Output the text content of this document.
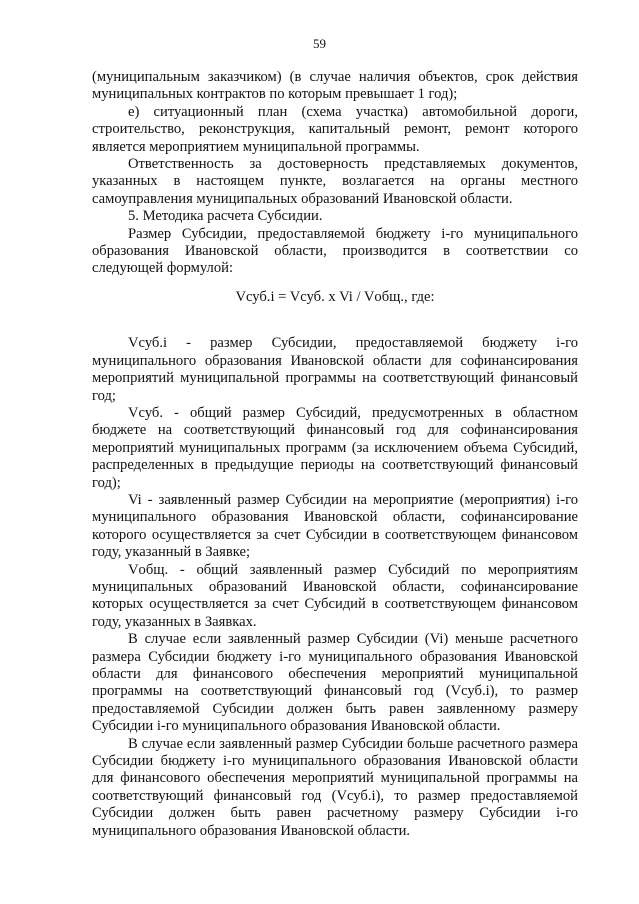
59

(муниципальным заказчиком) (в случае наличия объектов, срок действия муниципальных контрактов по которым превышает 1 год);

е) ситуационный план (схема участка) автомобильной дороги, строительство, реконструкция, капитальный ремонт, ремонт которого является мероприятием муниципальной программы.

Ответственность за достоверность представляемых документов, указанных в настоящем пункте, возлагается на органы местного самоуправления муниципальных образований Ивановской области.

5. Методика расчета Субсидии.

Размер Субсидии, предоставляемой бюджету i-го муниципального образования Ивановской области, производится в соответствии со следующей формулой:

Vсуб.i = Vсуб. x Vi / Vобщ., где:

Vсуб.i - размер Субсидии, предоставляемой бюджету i-го муниципального образования Ивановской области для софинансирования мероприятий муниципальной программы на соответствующий финансовый год;

Vсуб. - общий размер Субсидий, предусмотренных в областном бюджете на соответствующий финансовый год для софинансирования мероприятий муниципальных программ (за исключением объема Субсидий, распределенных в предыдущие периоды на соответствующий финансовый год);

Vi - заявленный размер Субсидии на мероприятие (мероприятия) i-го муниципального образования Ивановской области, софинансирование которого осуществляется за счет Субсидии в соответствующем финансовом году, указанный в Заявке;

Vобщ. - общий заявленный размер Субсидий по мероприятиям муниципальных образований Ивановской области, софинансирование которых осуществляется за счет Субсидий в соответствующем финансовом году, указанных в Заявках.

В случае если заявленный размер Субсидии (Vi) меньше расчетного размера Субсидии бюджету i-го муниципального образования Ивановской области для финансового обеспечения мероприятий муниципальной программы на соответствующий финансовый год (Vсуб.i), то размер предоставляемой Субсидии должен быть равен заявленному размеру Субсидии i-го муниципального образования Ивановской области.

В случае если заявленный размер Субсидии больше расчетного размера Субсидии бюджету i-го муниципального образования Ивановской области для финансового обеспечения мероприятий муниципальной программы на соответствующий финансовый год (Vсуб.i), то размер предоставляемой Субсидии должен быть равен расчетному размеру Субсидии i-го муниципального образования Ивановской области.
